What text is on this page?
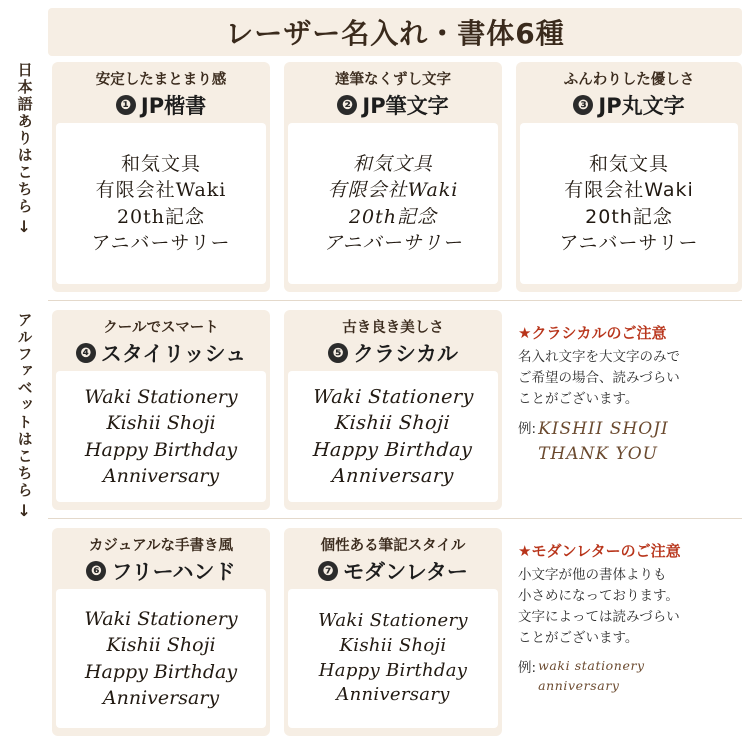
レーザー名入れ・書体6種
日本語ありはこちら
→
アルファベットはこちら
→
安定したまとまり感
❶ JP楷書
和気文具
有限会社Waki
20th記念
アニバーサリー
達筆なくずし文字
❷ JP筆文字
和気文具
有限会社Waki
20th記念
アニバーサリー
ふんわりした優しさ
❸ JP丸文字
和気文具
有限会社Waki
20th記念
アニバーサリー
クールでスマート
❹ スタイリッシュ
Waki Stationery
Kishii Shoji
Happy Birthday
Anniversary
古き良き美しさ
❺ クラシカル
Waki Stationery
Kishii Shoji
Happy Birthday
Anniversary
★クラシカルのご注意

名入れ文字を大文字のみで

ご希望の場合、読みづらい

ことがございます。

例: KISHII SHOJI
THANK YOU
カジュアルな手書き風
❻ フリーハンド
Waki Stationery
Kishii Shoji
Happy Birthday
Anniversary
個性ある筆記スタイル
❼ モダンレター
Waki Stationery
Kishii Shoji
Happy Birthday
Anniversary
★モダンレターのご注意

小文字が他の書体よりも

小さめになっております。

文字によっては読みづらい

ことがございます。

例: waki stationery
anniversary
